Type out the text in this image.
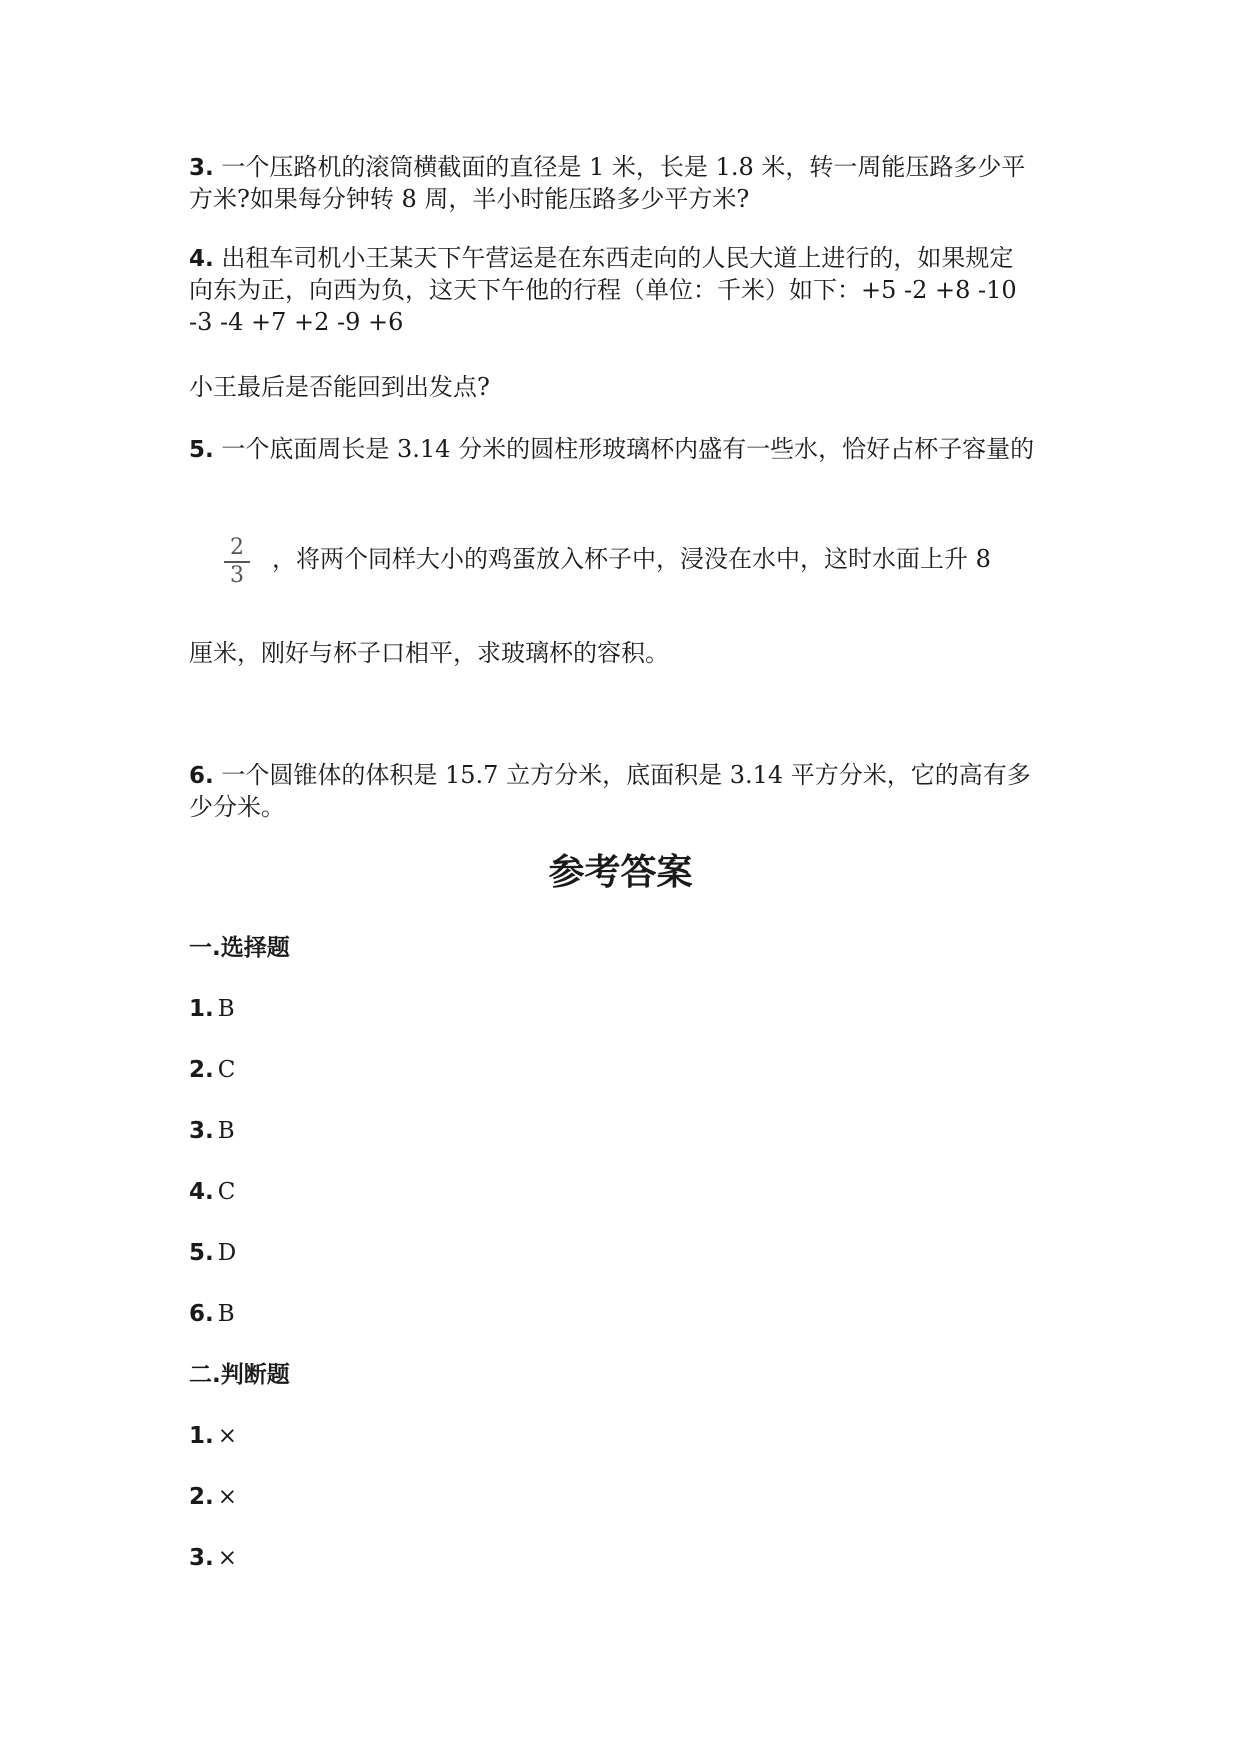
3. 一个压路机的滚筒横截面的直径是 1 米，长是 1.8 米，转一周能压路多少平
方米?如果每分钟转 8 周，半小时能压路多少平方米?
4. 出租车司机小王某天下午营运是在东西走向的人民大道上进行的，如果规定
向东为正，向西为负，这天下午他的行程（单位：千米）如下：+5 -2 +8 -10
-3 -4 +7 +2 -9 +6
小王最后是否能回到出发点?
5. 一个底面周长是 3.14 分米的圆柱形玻璃杯内盛有一些水，恰好占杯子容量的
2
3
，将两个同样大小的鸡蛋放入杯子中，浸没在水中，这时水面上升 8
厘米，刚好与杯子口相平，求玻璃杯的容积。
6. 一个圆锥体的体积是 15.7 立方分米，底面积是 3.14 平方分米，它的高有多
少分米。
参考答案
一.选择题
1. B
2. C
3. B
4. C
5. D
6. B
二.判断题
1. ×
2. ×
3. ×
